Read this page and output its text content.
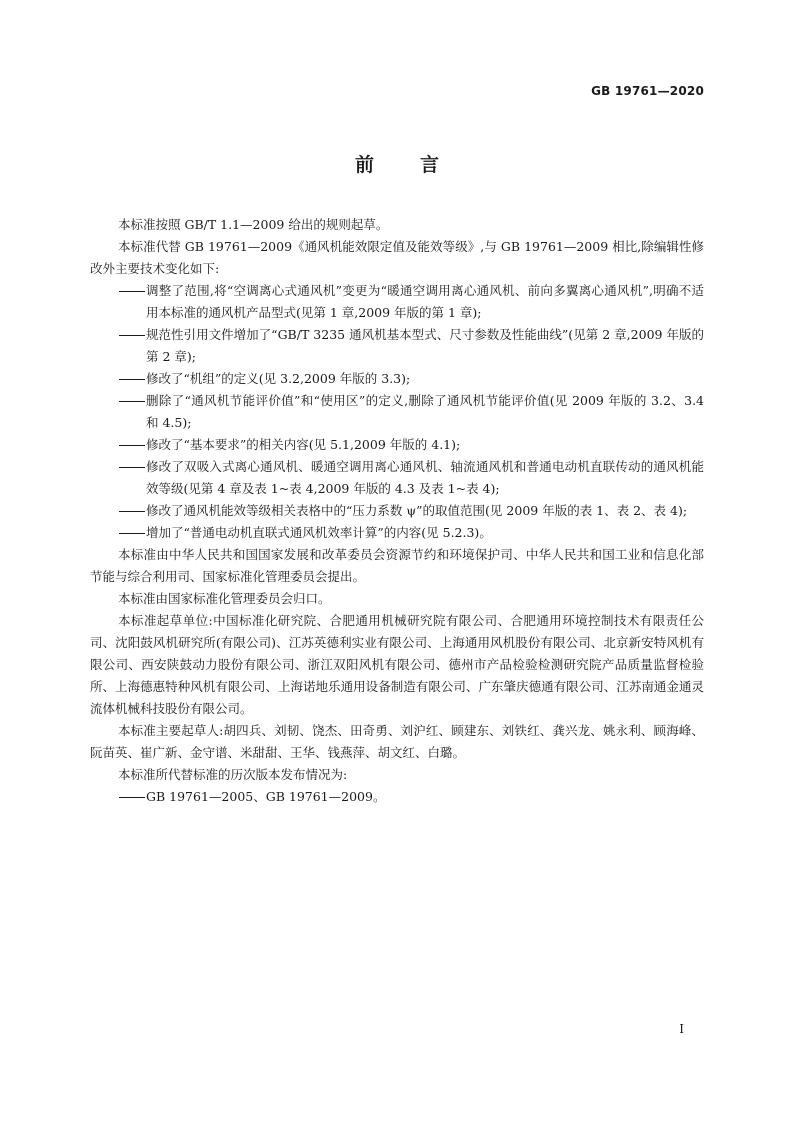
GB 19761—2020
前言

本标准按照 GB/T 1.1—2009 给出的规则起草。

本标准代替 GB 19761—2009《通风机能效限定值及能效等级》,与 GB 19761—2009 相比,除编辑性修改外主要技术变化如下:

调整了范围,将“空调离心式通风机”变更为“暖通空调用离心通风机、前向多翼离心通风机”,明确不适用本标准的通风机产品型式(见第 1 章,2009 年版的第 1 章);
规范性引用文件增加了“GB/T 3235 通风机基本型式、尺寸参数及性能曲线”(见第 2 章,2009 年版的第 2 章);
修改了“机组”的定义(见 3.2,2009 年版的 3.3);
删除了“通风机节能评价值”和“使用区”的定义,删除了通风机节能评价值(见 2009 年版的 3.2、3.4 和 4.5);
修改了“基本要求”的相关内容(见 5.1,2009 年版的 4.1);
修改了双吸入式离心通风机、暖通空调用离心通风机、轴流通风机和普通电动机直联传动的通风机能效等级(见第 4 章及表 1~表 4,2009 年版的 4.3 及表 1~表 4);
修改了通风机能效等级相关表格中的“压力系数 ψ”的取值范围(见 2009 年版的表 1、表 2、表 4);
增加了“普通电动机直联式通风机效率计算”的内容(见 5.2.3)。

本标准由中华人民共和国国家发展和改革委员会资源节约和环境保护司、中华人民共和国工业和信息化部节能与综合利用司、国家标准化管理委员会提出。

本标准由国家标准化管理委员会归口。

本标准起草单位:中国标准化研究院、合肥通用机械研究院有限公司、合肥通用环境控制技术有限责任公司、沈阳鼓风机研究所(有限公司)、江苏英德利实业有限公司、上海通用风机股份有限公司、北京新安特风机有限公司、西安陕鼓动力股份有限公司、浙江双阳风机有限公司、德州市产品检验检测研究院产品质量监督检验所、上海德惠特种风机有限公司、上海诺地乐通用设备制造有限公司、广东肇庆德通有限公司、江苏南通金通灵流体机械科技股份有限公司。

本标准主要起草人:胡四兵、刘韧、饶杰、田奇勇、刘沪红、顾建东、刘铁红、龚兴龙、姚永利、顾海峰、阮苗英、崔广新、金守谱、米甜甜、王华、钱燕萍、胡文红、白璐。

本标准所代替标准的历次版本发布情况为:

GB 19761—2005、GB 19761—2009。
I
